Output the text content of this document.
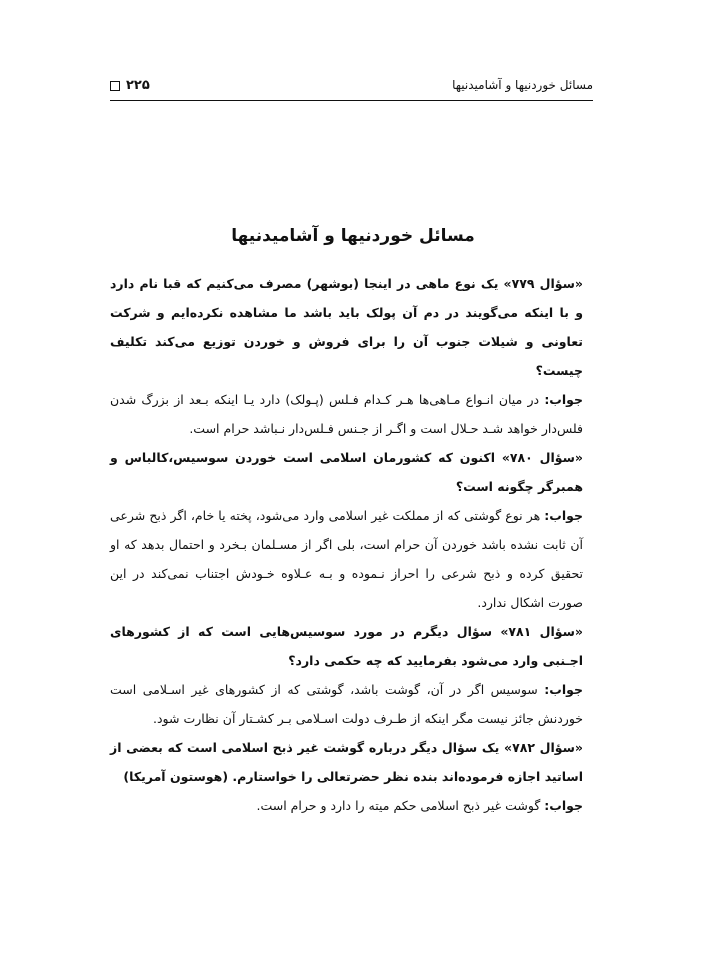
۲۲۵	مسائل خوردنیها و آشامیدنیها
مسائل خوردنیها و آشامیدنیها

«سؤال ۷۷۹» یک نوع ماهی در اینجا (بوشهر) مصرف می‌کنیم که قبا نام دارد و با اینکه می‌گویند در دم آن پولک باید باشد ما مشاهده نکرده‌ایم و شرکت تعاونی و شیلات جنوب آن را برای فروش و خوردن توزیع می‌کند تکلیف چیست؟

جواب: در میان انـواع مـاهی‌ها هـر کـدام فـلس (پـولک) دارد یـا اینکه بـعد از بزرگ شدن فلس‌دار خواهد شـد حـلال است و اگـر از جـنس فـلس‌دار نـباشد حرام است.

«سؤال ۷۸۰» اکنون که کشورمان اسلامی است خوردن سوسیس،کالباس و همبرگر چگونه است؟

جواب: هر نوع گوشتی که از مملکت غیر اسلامی وارد می‌شود، پخته یا خام، اگر ذبح شرعی آن ثابت نشده باشد خوردن آن حرام است، بلی اگر از مسـلمان بـخرد و احتمال بدهد که او تحقیق کرده و ذبح شرعی را احراز نـموده و بـه عـلاوه خـودش اجتناب نمی‌کند در این صورت اشکال ندارد.

«سؤال ۷۸۱» سؤال دیگرم در مورد سوسیس‌هایی است که از کشورهای اجـنبی وارد می‌شود بفرمایید که چه حکمی دارد؟

جواب: سوسیس اگر در آن، گوشت باشد، گوشتی که از کشورهای غیر اسـلامی است خوردنش جائز نیست مگر اینکه از طـرف دولت اسـلامی بـر کشـتار آن نظارت شود.

«سؤال ۷۸۲» یک سؤال دیگر درباره گوشت غیر ذبح اسلامی است که بعضی از اساتید اجازه فرموده‌اند بنده نظر حضرتعالی را خواستارم. (هوستون آمریکا)

جواب: گوشت غیر ذبح اسلامی حکم میته را دارد و حرام است.
